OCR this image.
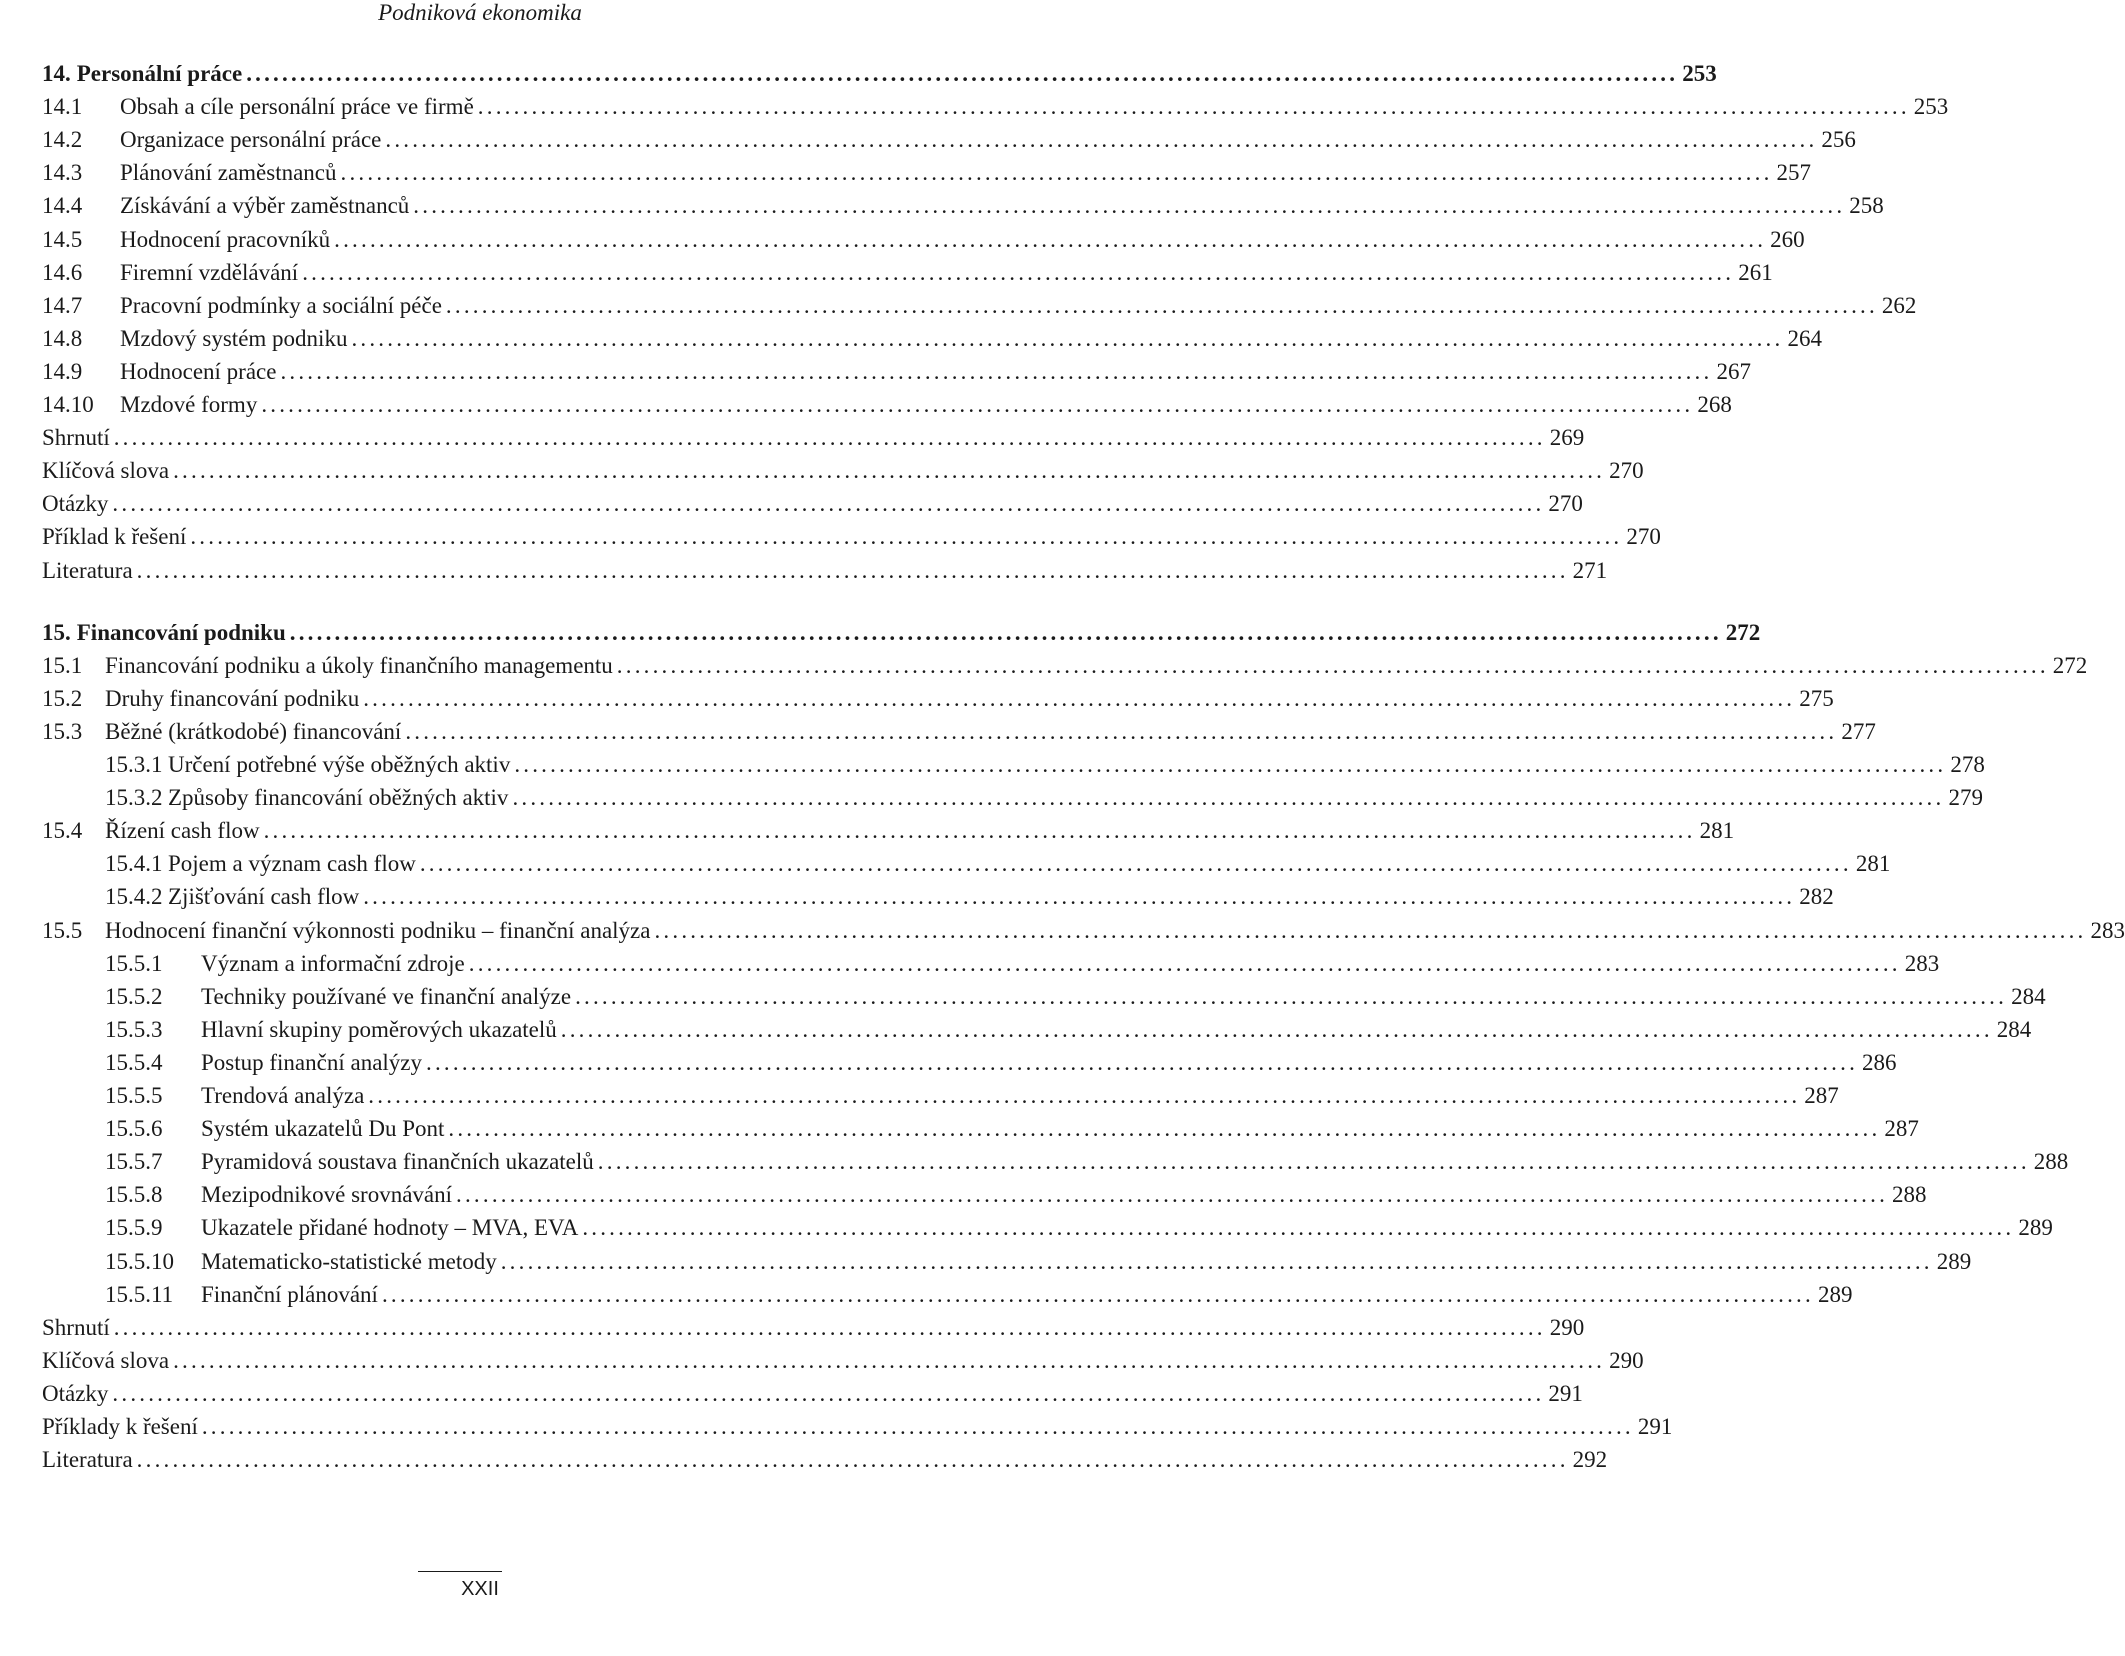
Podniková ekonomika
14. Personální práce ................................................................................................................................................................ 253
14.1	Obsah a cíle personální práce ve firmě ................................................................................................................................................................ 253
14.2	Organizace personální práce ................................................................................................................................................................ 256
14.3	Plánování zaměstnanců ................................................................................................................................................................ 257
14.4	Získávání a výběr zaměstnanců ................................................................................................................................................................ 258
14.5	Hodnocení pracovníků ................................................................................................................................................................ 260
14.6	Firemní vzdělávání ................................................................................................................................................................ 261
14.7	Pracovní podmínky a sociální péče ................................................................................................................................................................ 262
14.8	Mzdový systém podniku ................................................................................................................................................................ 264
14.9	Hodnocení práce ................................................................................................................................................................ 267
14.10	Mzdové formy ................................................................................................................................................................ 268
Shrnutí ................................................................................................................................................................ 269
Klíčová slova ................................................................................................................................................................ 270
Otázky ................................................................................................................................................................ 270
Příklad k řešení ................................................................................................................................................................ 270
Literatura ................................................................................................................................................................ 271
15. Financování podniku ................................................................................................................................................................ 272
15.1 Financování podniku a úkoly finančního managementu ................................................................................................................................................................ 272
15.2 Druhy financování podniku ................................................................................................................................................................ 275
15.3 Běžné (krátkodobé) financování ................................................................................................................................................................ 277
15.3.1 Určení potřebné výše oběžných aktiv ................................................................................................................................................................ 278
15.3.2 Způsoby financování oběžných aktiv ................................................................................................................................................................ 279
15.4 Řízení cash flow ................................................................................................................................................................ 281
15.4.1 Pojem a význam cash flow ................................................................................................................................................................ 281
15.4.2 Zjišťování cash flow ................................................................................................................................................................ 282
15.5 Hodnocení finanční výkonnosti podniku – finanční analýza ................................................................................................................................................................ 283
15.5.1	Význam a informační zdroje ................................................................................................................................................................ 283
15.5.2	Techniky používané ve finanční analýze ................................................................................................................................................................ 284
15.5.3	Hlavní skupiny poměrových ukazatelů ................................................................................................................................................................ 284
15.5.4	Postup finanční analýzy ................................................................................................................................................................ 286
15.5.5	Trendová analýza ................................................................................................................................................................ 287
15.5.6	Systém ukazatelů Du Pont ................................................................................................................................................................ 287
15.5.7	Pyramidová soustava finančních ukazatelů ................................................................................................................................................................ 288
15.5.8	Mezipodnikové srovnávání ................................................................................................................................................................ 288
15.5.9	Ukazatele přidané hodnoty – MVA, EVA ................................................................................................................................................................ 289
15.5.10	Matematicko-statistické metody ................................................................................................................................................................ 289
15.5.11	Finanční plánování ................................................................................................................................................................ 289
Shrnutí ................................................................................................................................................................ 290
Klíčová slova ................................................................................................................................................................ 290
Otázky ................................................................................................................................................................ 291
Příklady k řešení ................................................................................................................................................................ 291
Literatura ................................................................................................................................................................ 292
XXII
